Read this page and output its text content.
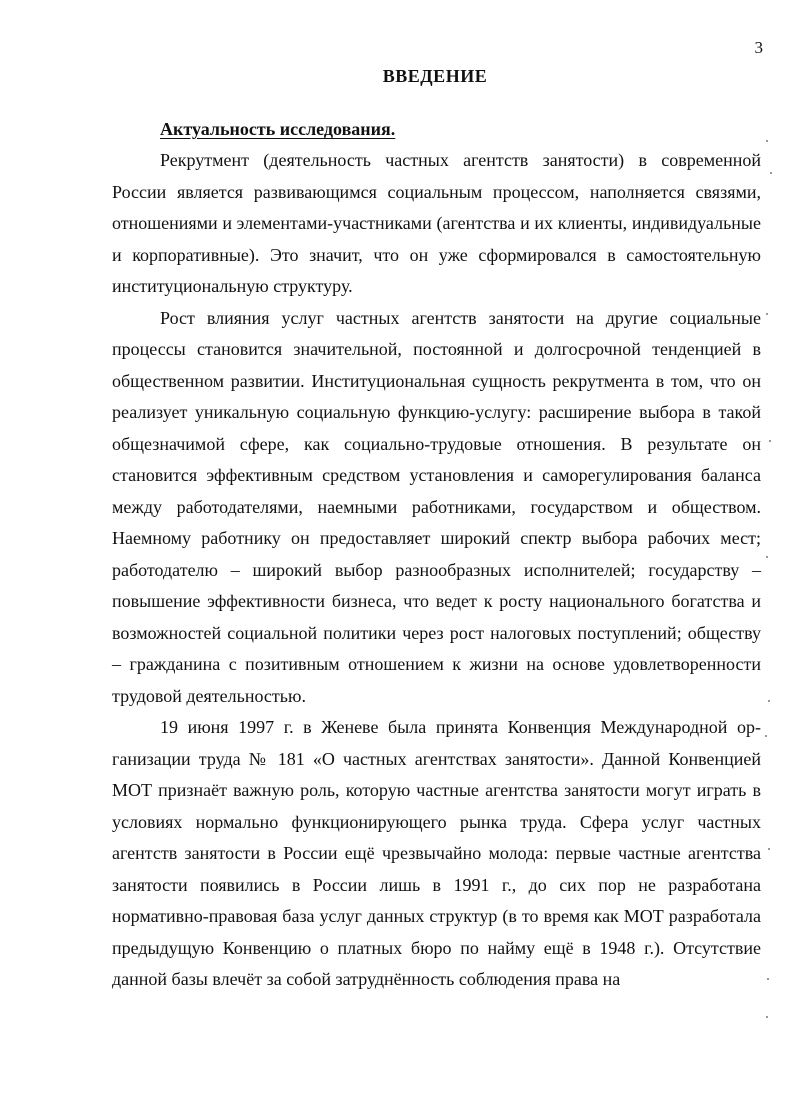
3
ВВЕДЕНИЕ
Актуальность исследования.

Рекрутмент (деятельность частных агентств занятости) в современной России является развивающимся социальным процессом, наполняется связями, отношениями и элементами-участниками (агентства и их клиенты, индивидуальные и корпоративные). Это значит, что он уже сформировался в самостоятельную институциональную структуру.

Рост влияния услуг частных агентств занятости на другие социальные процессы становится значительной, постоянной и долгосрочной тенденцией в общественном развитии. Институциональная сущность рекрутмента в том, что он реализует уникальную социальную функцию-услугу: расширение выбора в такой общезначимой сфере, как социально-трудовые отношения. В результате он становится эффективным средством установления и саморегулирования баланса между работодателями, наемными работниками, государством и обществом. Наемному работнику он предоставляет широкий спектр выбора рабочих мест; работодателю – широкий выбор разнообразных исполнителей; государству – повышение эффективности бизнеса, что ведет к росту национального богатства и возможностей социальной политики через рост налоговых поступлений; обществу – гражданина с позитивным отношением к жизни на основе удовлетворенности трудовой деятельностью.

19 июня 1997 г. в Женеве была принята Конвенция Международной организации труда № 181 «О частных агентствах занятости». Данной Конвенцией МОТ признаёт важную роль, которую частные агентства занятости могут играть в условиях нормально функционирующего рынка труда. Сфера услуг частных агентств занятости в России ещё чрезвычайно молода: первые частные агентства занятости появились в России лишь в 1991 г., до сих пор не разработана нормативно-правовая база услуг данных структур (в то время как МОТ разработала предыдущую Конвенцию о платных бюро по найму ещё в 1948 г.). Отсутствие данной базы влечёт за собой затруднённость соблюдения права на
